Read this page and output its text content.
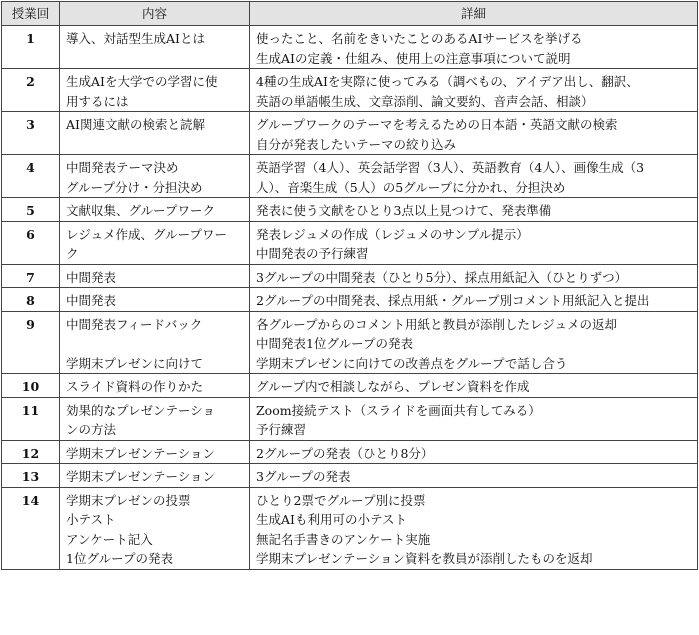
授業回	内容	詳細
1	導入、対話型生成AIとは	使ったこと、名前をきいたことのあるAIサービスを挙げる
生成AIの定義・仕組み、使用上の注意事項について説明

2	生成AIを大学での学習に使
用するには	4種の生成AIを実際に使ってみる（調べもの、アイデア出し、翻訳、
英語の単語帳生成、文章添削、論文要約、音声会話、相談）

3	AI関連文献の検索と読解	グループワークのテーマを考えるための日本語・英語文献の検索
自分が発表したいテーマの絞り込み

4	中間発表テーマ決め
グループ分け・分担決め	英語学習（4人）、英会話学習（3人）、英語教育（4人）、画像生成（3
人）、音楽生成（5人）の5グループに分かれ、分担決め

5	文献収集、グループワーク	発表に使う文献をひとり3点以上見つけて、発表準備

6	レジュメ作成、グループワー
ク	発表レジュメの作成（レジュメのサンプル提示）
中間発表の予行練習

7	中間発表	3グループの中間発表（ひとり5分）、採点用紙記入（ひとりずつ）

8	中間発表	2グループの中間発表、採点用紙・グループ別コメント用紙記入と提出

9	中間発表フィードバック
学期末プレゼンに向けて	各グループからのコメント用紙と教員が添削したレジュメの返却
中間発表1位グループの発表
学期末プレゼンに向けての改善点をグループで話し合う

10	スライド資料の作りかた	グループ内で相談しながら、プレゼン資料を作成

11	効果的なプレゼンテーショ
ンの方法	Zoom接続テスト（スライドを画面共有してみる）
予行練習

12	学期末プレゼンテーション	2グループの発表（ひとり8分）

13	学期末プレゼンテーション	3グループの発表

14	学期末プレゼンの投票
小テスト
アンケート記入
1位グループの発表	ひとり2票でグループ別に投票
生成AIも利用可の小テスト
無記名手書きのアンケート実施
学期末プレゼンテーション資料を教員が添削したものを返却
